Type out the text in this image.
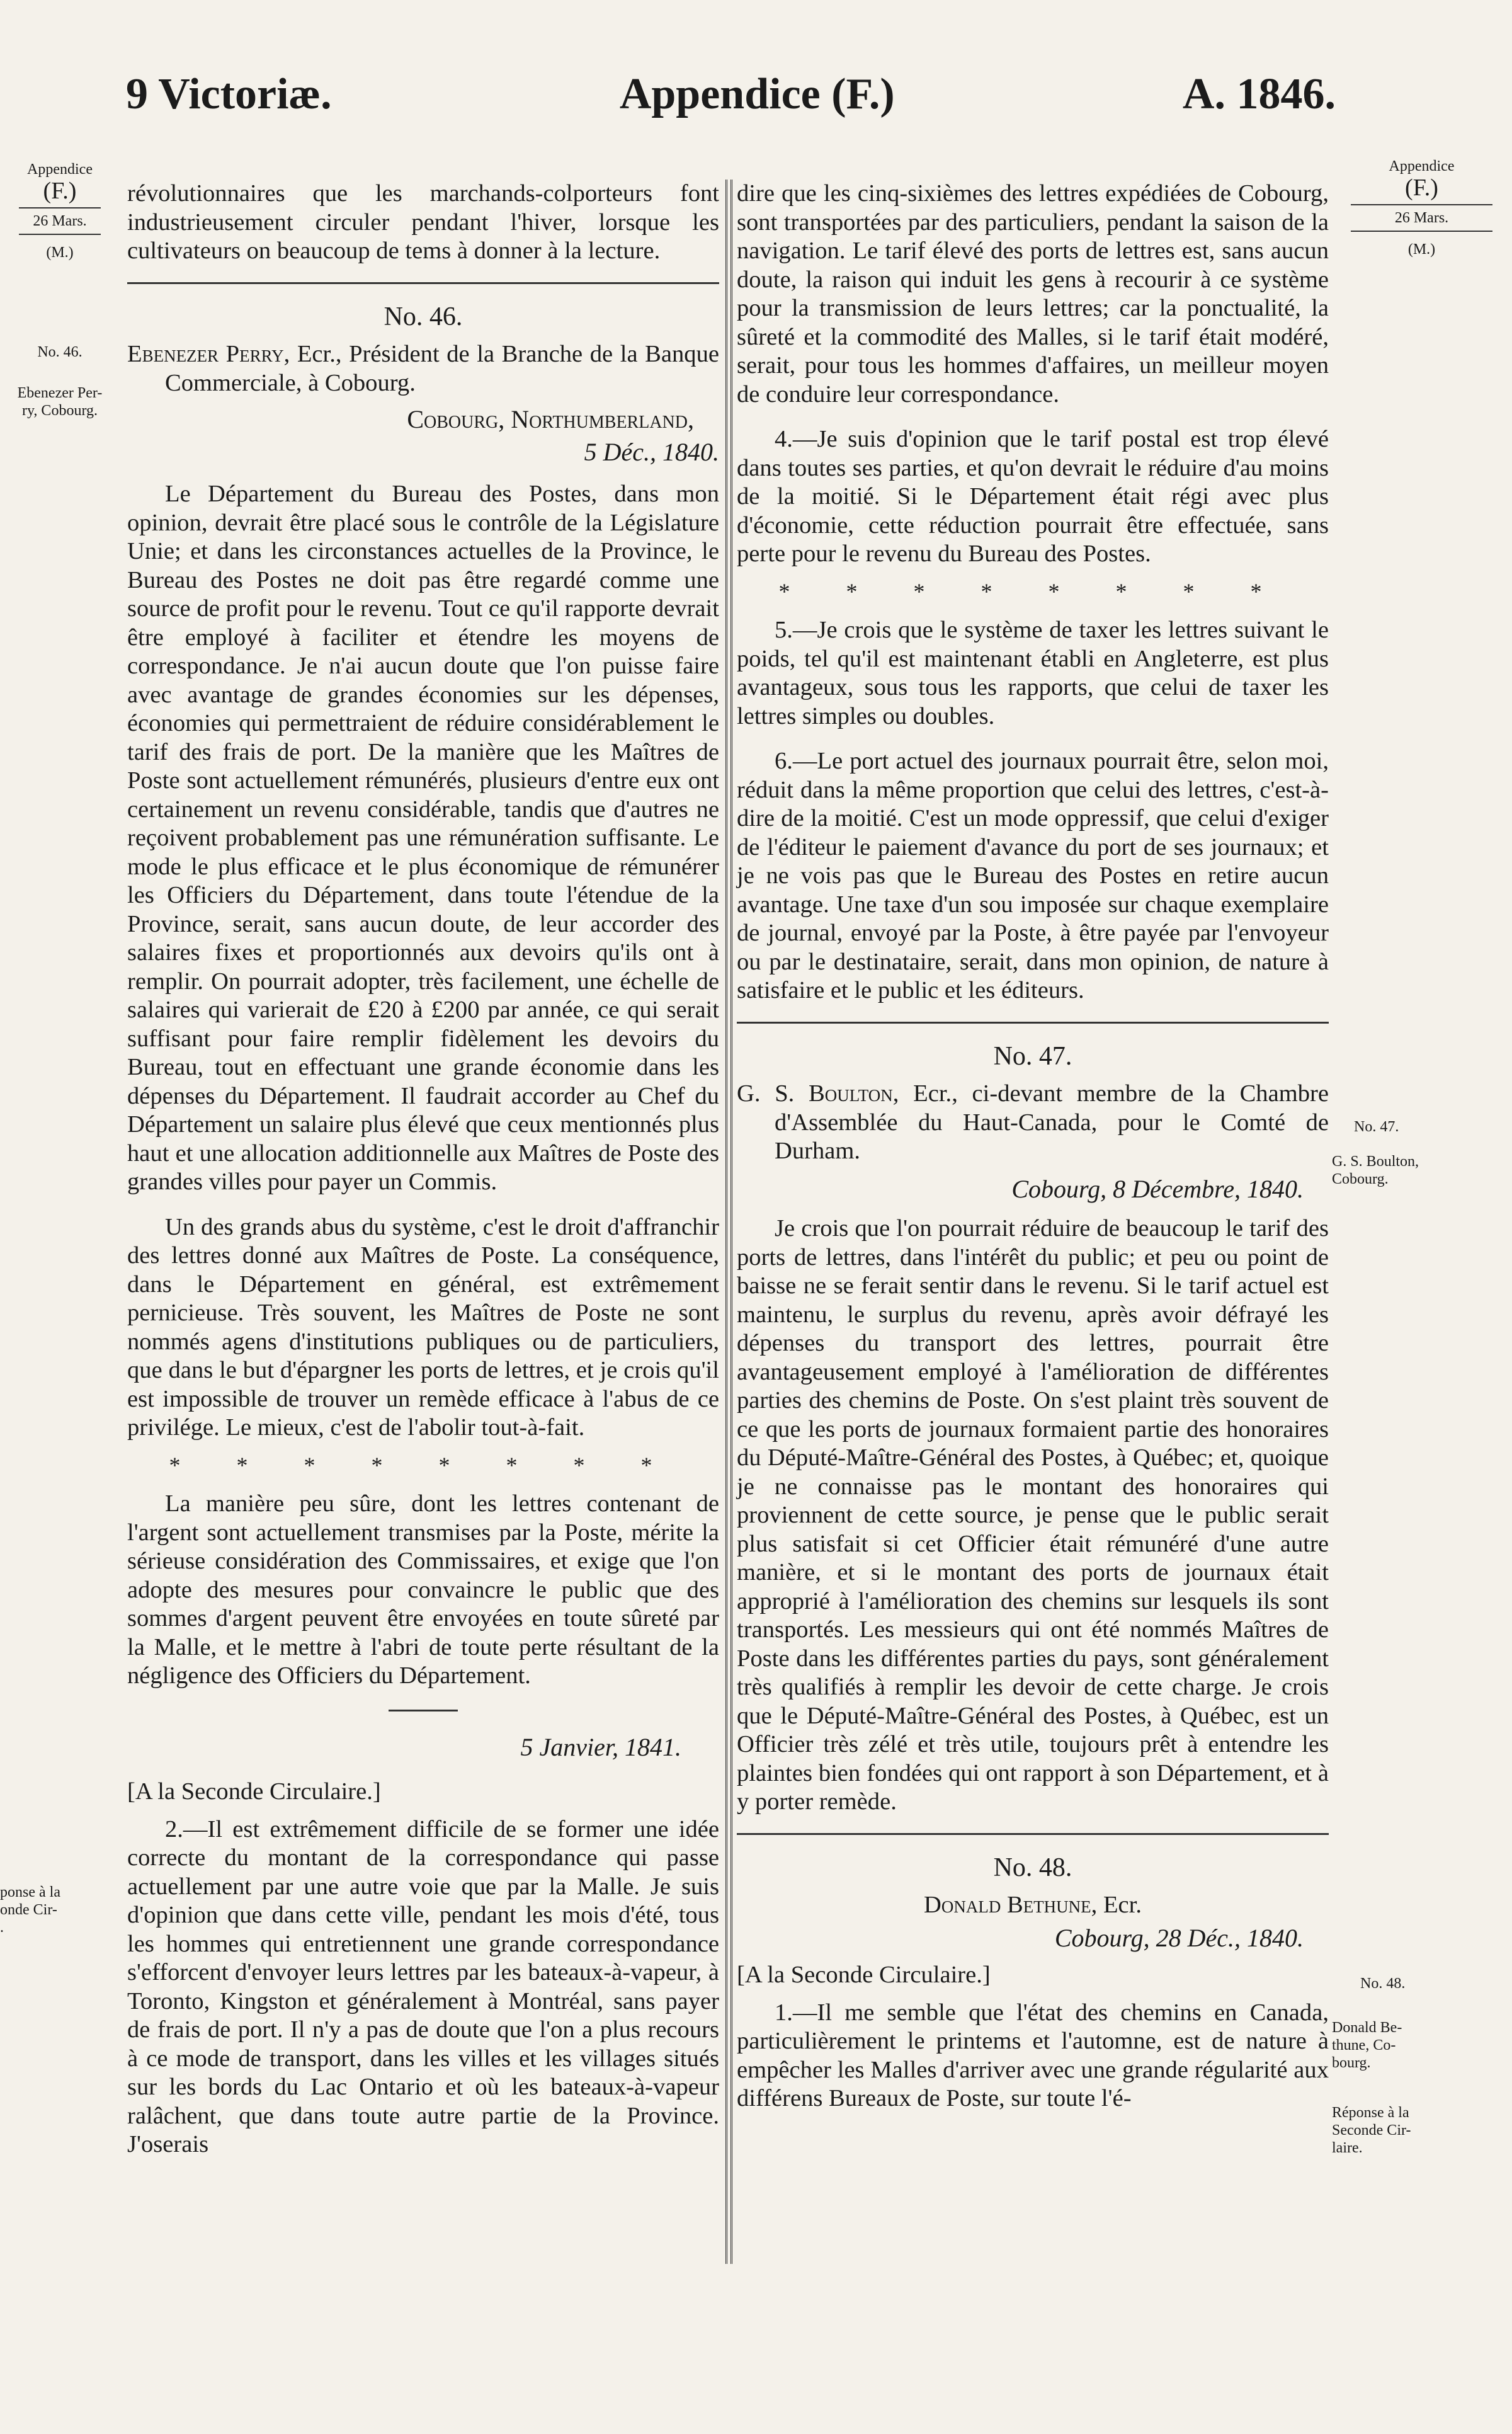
9 Victoriæ.	Appendice (F.)	A. 1846.
Appendice
(F.)
26 Mars.
(M.)
No. 46.
Ebenezer Per-
ry, Cobourg.
ponse à la
onde Cir-
.
Appendice
(F.)
26 Mars.
(M.)
No. 47.
G. S. Boulton,
Cobourg.
No. 48.
Donald Be-
thune, Co-
bourg.
Réponse à la
Seconde Cir-
laire.

révolutionnaires que les marchands-colporteurs font industrieusement circuler pendant l'hiver, lorsque les cultivateurs on beaucoup de tems à donner à la lecture.

No. 46.

Ebenezer Perry, Ecr., Président de la Branche de la Banque Commerciale, à Cobourg.

Cobourg, Northumberland,
5 Déc., 1840.

Le Département du Bureau des Postes, dans mon opinion, devrait être placé sous le contrôle de la Législature Unie; et dans les circonstances actuelles de la Province, le Bureau des Postes ne doit pas être regardé comme une source de profit pour le revenu. Tout ce qu'il rapporte devrait être employé à faciliter et étendre les moyens de correspondance. Je n'ai aucun doute que l'on puisse faire avec avantage de grandes économies sur les dépenses, économies qui permettraient de réduire considérablement le tarif des frais de port. De la manière que les Maîtres de Poste sont actuellement rémunérés, plusieurs d'entre eux ont certainement un revenu considérable, tandis que d'autres ne reçoivent probablement pas une rémunération suffisante. Le mode le plus efficace et le plus économique de rémunérer les Officiers du Département, dans toute l'étendue de la Province, serait, sans aucun doute, de leur accorder des salaires fixes et proportionnés aux devoirs qu'ils ont à remplir. On pourrait adopter, très facilement, une échelle de salaires qui varierait de £20 à £200 par année, ce qui serait suffisant pour faire remplir fidèlement les devoirs du Bureau, tout en effectuant une grande économie dans les dépenses du Département. Il faudrait accorder au Chef du Département un salaire plus élevé que ceux mentionnés plus haut et une allocation additionnelle aux Maîtres de Poste des grandes villes pour payer un Commis.

Un des grands abus du système, c'est le droit d'affranchir des lettres donné aux Maîtres de Poste. La conséquence, dans le Département en général, est extrêmement pernicieuse. Très souvent, les Maîtres de Poste ne sont nommés agens d'institutions publiques ou de particuliers, que dans le but d'épargner les ports de lettres, et je crois qu'il est impossible de trouver un remède efficace à l'abus de ce privilége. Le mieux, c'est de l'abolir tout-à-fait.

* * * * * * * *

La manière peu sûre, dont les lettres contenant de l'argent sont actuellement transmises par la Poste, mérite la sérieuse considération des Commissaires, et exige que l'on adopte des mesures pour convaincre le public que des sommes d'argent peuvent être envoyées en toute sûreté par la Malle, et le mettre à l'abri de toute perte résultant de la négligence des Officiers du Département.

5 Janvier, 1841.

[A la Seconde Circulaire.]

2.—Il est extrêmement difficile de se former une idée correcte du montant de la correspondance qui passe actuellement par une autre voie que par la Malle. Je suis d'opinion que dans cette ville, pendant les mois d'été, tous les hommes qui entretiennent une grande correspondance s'efforcent d'envoyer leurs lettres par les bateaux-à-vapeur, à Toronto, Kingston et généralement à Montréal, sans payer de frais de port. Il n'y a pas de doute que l'on a plus recours à ce mode de transport, dans les villes et les villages situés sur les bords du Lac Ontario et où les bateaux-à-vapeur ralâchent, que dans toute autre partie de la Province. J'oserais

dire que les cinq-sixièmes des lettres expédiées de Cobourg, sont transportées par des particuliers, pendant la saison de la navigation. Le tarif élevé des ports de lettres est, sans aucun doute, la raison qui induit les gens à recourir à ce système pour la transmission de leurs lettres; car la ponctualité, la sûreté et la commodité des Malles, si le tarif était modéré, serait, pour tous les hommes d'affaires, un meilleur moyen de conduire leur correspondance.

4.—Je suis d'opinion que le tarif postal est trop élevé dans toutes ses parties, et qu'on devrait le réduire d'au moins de la moitié. Si le Département était régi avec plus d'économie, cette réduction pourrait être effectuée, sans perte pour le revenu du Bureau des Postes.

* * * * * * * *

5.—Je crois que le système de taxer les lettres suivant le poids, tel qu'il est maintenant établi en Angleterre, est plus avantageux, sous tous les rapports, que celui de taxer les lettres simples ou doubles.

6.—Le port actuel des journaux pourrait être, selon moi, réduit dans la même proportion que celui des lettres, c'est-à-dire de la moitié. C'est un mode oppressif, que celui d'exiger de l'éditeur le paiement d'avance du port de ses journaux; et je ne vois pas que le Bureau des Postes en retire aucun avantage. Une taxe d'un sou imposée sur chaque exemplaire de journal, envoyé par la Poste, à être payée par l'envoyeur ou par le destinataire, serait, dans mon opinion, de nature à satisfaire et le public et les éditeurs.

No. 47.

G. S. Boulton, Ecr., ci-devant membre de la Chambre d'Assemblée du Haut-Canada, pour le Comté de Durham.

Cobourg, 8 Décembre, 1840.

Je crois que l'on pourrait réduire de beaucoup le tarif des ports de lettres, dans l'intérêt du public; et peu ou point de baisse ne se ferait sentir dans le revenu. Si le tarif actuel est maintenu, le surplus du revenu, après avoir défrayé les dépenses du transport des lettres, pourrait être avantageusement employé à l'amélioration de différentes parties des chemins de Poste. On s'est plaint très souvent de ce que les ports de journaux formaient partie des honoraires du Député-Maître-Général des Postes, à Québec; et, quoique je ne connaisse pas le montant des honoraires qui proviennent de cette source, je pense que le public serait plus satisfait si cet Officier était rémunéré d'une autre manière, et si le montant des ports de journaux était approprié à l'amélioration des chemins sur lesquels ils sont transportés. Les messieurs qui ont été nommés Maîtres de Poste dans les différentes parties du pays, sont généralement très qualifiés à remplir les devoir de cette charge. Je crois que le Député-Maître-Général des Postes, à Québec, est un Officier très zélé et très utile, toujours prêt à entendre les plaintes bien fondées qui ont rapport à son Département, et à y porter remède.

No. 48.

Donald Bethune, Ecr.

Cobourg, 28 Déc., 1840.

[A la Seconde Circulaire.]

1.—Il me semble que l'état des chemins en Canada, particulièrement le printems et l'automne, est de nature à empêcher les Malles d'arriver avec une grande régularité aux différens Bureaux de Poste, sur toute l'é-
